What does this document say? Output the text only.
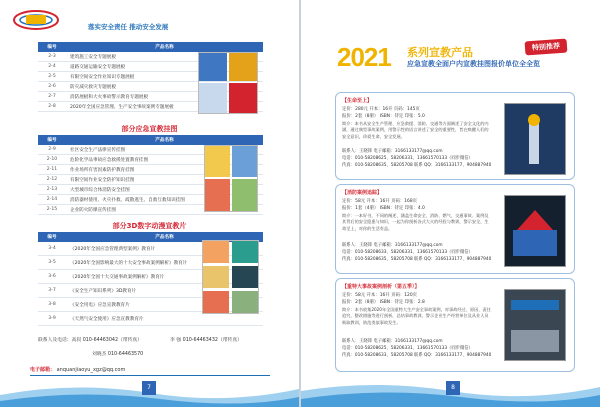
落实安全责任 推动安全发展
编号	产品名称
2-3	建筑施工安全专题展板
2-4	道路交通运输安全专题展板
2-5	有限空间安全作业知识专题展板
2-6	防灾减灾救灾专题展板
2-7	消防展板和大火事故警示教育专题展板
2-8	2020年全国应急管理、生产安全事故案例专题展板
部分应急宣教挂图
编号	产品名称
2-9	社区安全生产法律宣传挂图
2-10	危险化学品事故应急救援处置教育挂图
2-11	作业场所有害因素防护教育挂图
2-12	有限空间作业安全防护知识挂图
2-13	大型城市综合体消防安全挂图
2-14	消防器材使用、火灾扑救、疏散逃生、自救互救知识挂图
2-15	企业防火防爆宣传挂图
部分3D数字动漫宣教片
编号	产品名称
3-4	《2020年全国应急管理典型案例》教育片
3-5	《2020年全国影响最大的十大安全事故案例解析》教育片
3-6	《2020年全国十大交通事故案例解析》教育片
3-7	《安全生产知识系列》3D教育片
3-8	《安全用电》应急宣教教育片
3-9	《天然气安全使用》应急宣教教育片
联系人及电话：高叔 010-64463042（带传真）	李 强 010-64463432（带传真）
刘晓杰 010-64463570
电子邮箱： anquanjiaoyu_xgz@qq.com
7
2021 系列宣教产品
应急宣教全面户内宣教挂图报价单位全全览
特别推荐
【生命至上】
定价：280元 开本：16开 页码：145页
报价：2套（8册） ISBN：待定 印张：5.0
简介：本书从安全生产管理、应急救援、消防、交通等方面阐述了安全文化的内涵，通过典型事故案例，用警示性的语言讲述了安全的重要性，旨在唤醒人们的安全意识，珍爱生命，安全发展。
联系人：王晓锋 电子邮箱：3166133177@qq.com
电话：010-58208625、58206331、13661570133（同步微信）
传真：010-58208635、58205708 联系 QQ：3166133177、904887940
【消防案例追踪】
定价：58元 开本：16开 页码：168页
报价：1套（4册） ISBN：待定 印张：4.0
简介：一本好书，不同的阐述，涵盖生命安全、消防、燃气、交通事故、案例及其背后的安全隐患与知识，一起为你剖析各式大火的经验与教训，警示安全，生命至上，对你的生活有益。
联系人：王晓锋 电子邮箱：3166133177@qq.com
电话：010-58208633、58206331、13661570133（同步微信）
传真：010-58208635、58205708 联系 QQ：3166133177、904887940
【重特大事故案例剖析（第五季）】
定价：58元 开本：16开 页码：120页
报价：2套（8册） ISBN：待定 印张：2.8
简介：本书收集2020年全国重特大生产安全事故案例，对事故经过、原因、责任追究、整改措施等进行剖析，总结事故教训，警示企业生产经营单位及从业人员吸取教训，防范类似事故发生。
联系人：王晓锋 电子邮箱：3166133177@qq.com
电话：010-58208625、58206331、13661570133（同步微信）
传真：010-58208633、58205708 联系 QQ：3166133177、904887940
8
